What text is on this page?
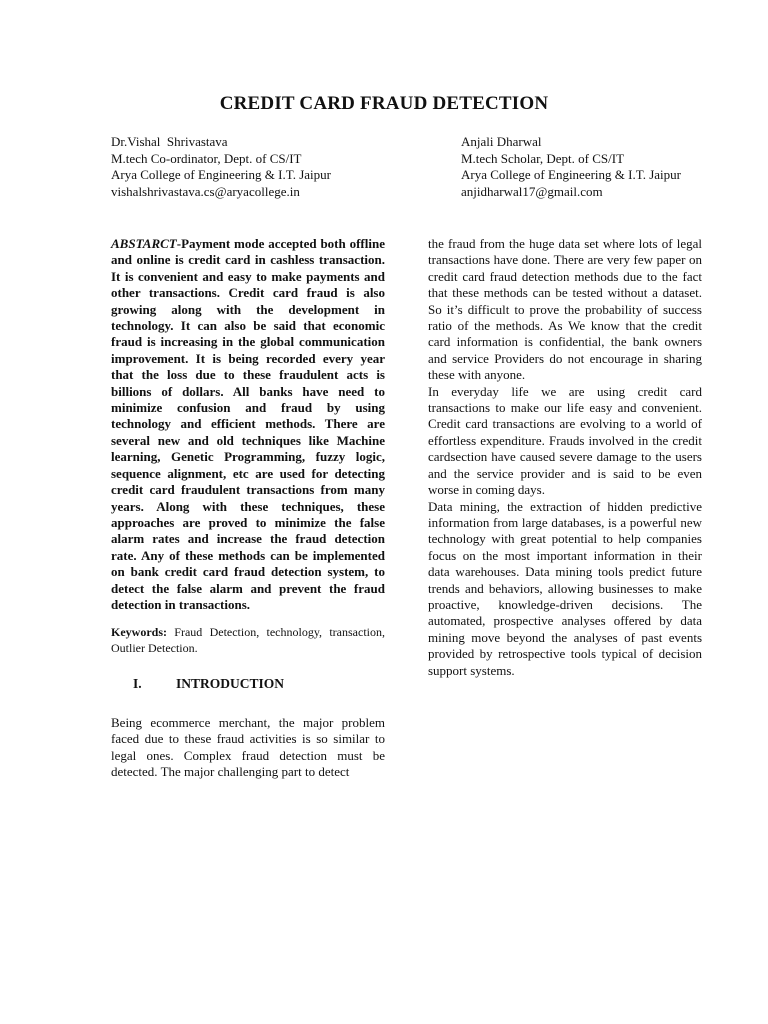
CREDIT CARD FRAUD DETECTION
Dr.Vishal  Shrivastava
M.tech Co-ordinator, Dept. of CS/IT
Arya College of Engineering & I.T. Jaipur
vishalshrivastava.cs@aryacollege.in
Anjali Dharwal
M.tech Scholar, Dept. of CS/IT
Arya College of Engineering & I.T. Jaipur
anjidharwal17@gmail.com

ABSTARCT-Payment mode accepted both offline and online is credit card in cashless transaction. It is convenient and easy to make payments and other transactions. Credit card fraud is also growing along with the development in technology. It can also be said that economic fraud is increasing in the global communication improvement. It is being recorded every year that the loss due to these fraudulent acts is billions of dollars. All banks have need to minimize confusion and fraud by using technology and efficient methods. There are several new and old techniques like Machine learning, Genetic Programming, fuzzy logic, sequence alignment, etc are used for detecting credit card fraudulent transactions from many years. Along with these techniques, these approaches are proved to minimize the false alarm rates and increase the fraud detection rate. Any of these methods can be implemented on bank credit card fraud detection system, to detect the false alarm and prevent the fraud detection in transactions.

Keywords: Fraud Detection, technology, transaction, Outlier Detection.

I.	INTRODUCTION

Being ecommerce merchant, the major problem faced due to these fraud activities is so similar to legal ones. Complex fraud detection must be detected. The major challenging part to detect

the fraud from the huge data set where lots of legal transactions have done. There are very few paper on credit card fraud detection methods due to the fact that these methods can be tested without a dataset. So it’s difficult to prove the probability of success ratio of the methods. As We know that the credit card information is confidential, the bank owners and service Providers do not encourage in sharing these with anyone.

In everyday life we are using credit card transactions to make our life easy and convenient. Credit card transactions are evolving to a world of effortless expenditure. Frauds involved in the credit cardsection have caused severe damage to the users and the service provider and is said to be even worse in coming days.

Data mining, the extraction of hidden predictive information from large databases, is a powerful new technology with great potential to help companies focus on the most important information in their data warehouses. Data mining tools predict future trends and behaviors, allowing businesses to make proactive, knowledge-driven decisions. The automated, prospective analyses offered by data mining move beyond the analyses of past events provided by retrospective tools typical of decision support systems.
